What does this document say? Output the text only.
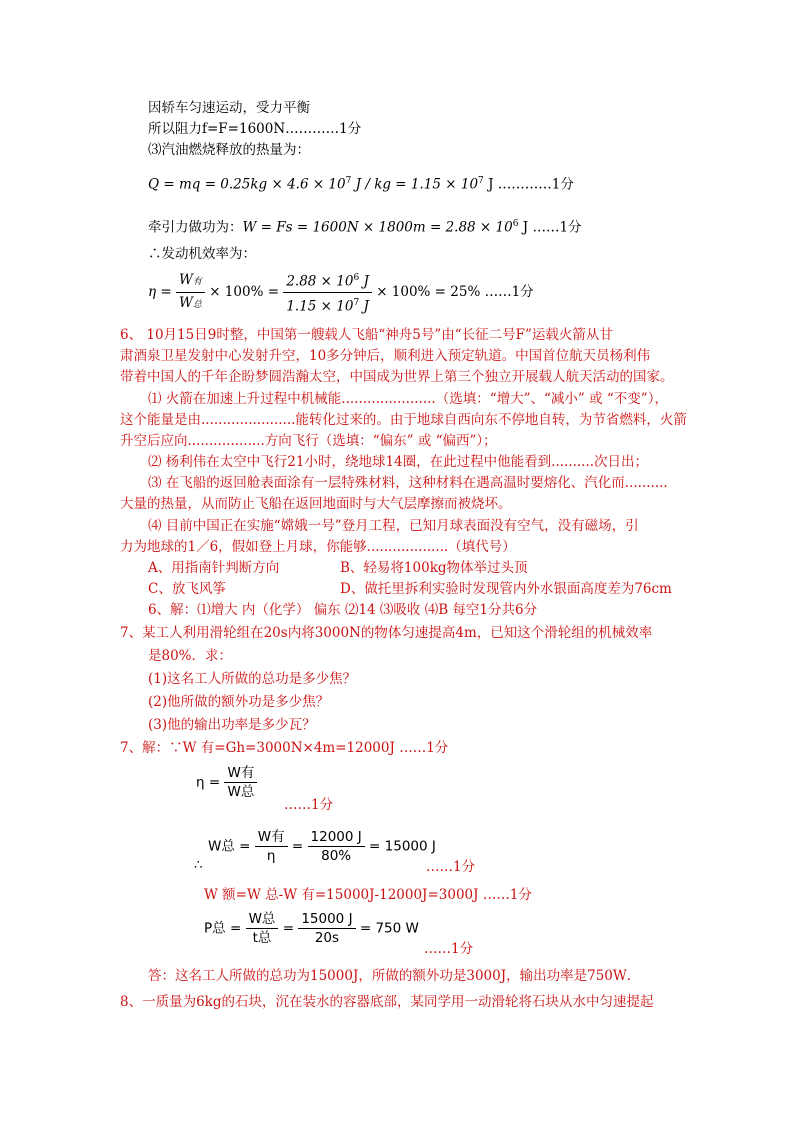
因轿车匀速运动，受力平衡
所以阻力f=F=1600N…………1分
⑶汽油燃烧释放的热量为：
Q = mq = $0.25kg \times 4.6 \times 10^7$ J / kg = $1.15 \times 10^7$ J …………1分
牵引力做功为：$W = Fs = 1600N \times 1800m = 2.88 \times 10^6$ J ……1分
∴发动机效率为：
$\eta = \frac{\text{W有}}{\text{W总}} \times 100\% = \frac{2.88 \times 10^6 J}{1.15 \times 10^7 J} \times 100\% = 25\%$ ……1分
6、 10月15日9时整，中国第一艘载人飞船“神舟5号”由“长征二号F”运载火箭从甘
肃酒泉卫星发射中心发射升空，10多分钟后，顺利进入预定轨道。中国首位航天员杨利伟
带着中国人的千年企盼梦圆浩瀚太空，中国成为世界上第三个独立开展载人航天活动的国家。
⑴ 火箭在加速上升过程中机械能......................（选填：“增大”、“减小” 或 “不变”），
这个能量是由......................能转化过来的。由于地球自西向东不停地自转，为节省燃料，火箭
升空后应向..................方向飞行（选填：“偏东” 或 “偏西”）；
⑵ 杨利伟在太空中飞行21小时，绕地球14圈，在此过程中他能看到..........次日出；
⑶ 在飞船的返回舱表面涂有一层特殊材料，这种材料在遇高温时要熔化、汽化而..........
大量的热量，从而防止飞船在返回地面时与大气层摩擦而被烧坏。
⑷ 目前中国正在实施“嫦娥一号”登月工程，已知月球表面没有空气，没有磁场，引
力为地球的1／6，假如登上月球，你能够...................（填代号）
A、用指南针判断方向	B、轻易将100kg物体举过头顶
C、放飞风筝	D、做托里拆利实验时发现管内外水银面高度差为76cm
6、解：⑴增大 内（化学） 偏东 ⑵14 ⑶吸收 ⑷B 每空1分共6分
7、某工人利用滑轮组在20s内将3000N的物体匀速提高4m，已知这个滑轮组的机械效率
是80%．求：
(1)这名工人所做的总功是多少焦？
(2)他所做的额外功是多少焦？
(3)他的输出功率是多少瓦？
7、解：∵W 有=Gh=3000N×4m=12000J ……1分
$\eta = \frac{\text{W有}}{\text{W总}}$
……1分
W总 = $\frac{\text{W有}}{\eta} = \frac{12000 J}{80\%} = 15000$ J
∴	……1分
W 额=W 总-W 有=15000J-12000J=3000J ……1分
P总 = $\frac{\text{W总}}{\text{t总}} = \frac{15000 J}{20s} = 750$ W
……1分
答：这名工人所做的总功为15000J，所做的额外功是3000J，输出功率是750W．
8、一质量为6kg的石块，沉在装水的容器底部，某同学用一动滑轮将石块从水中匀速提起
